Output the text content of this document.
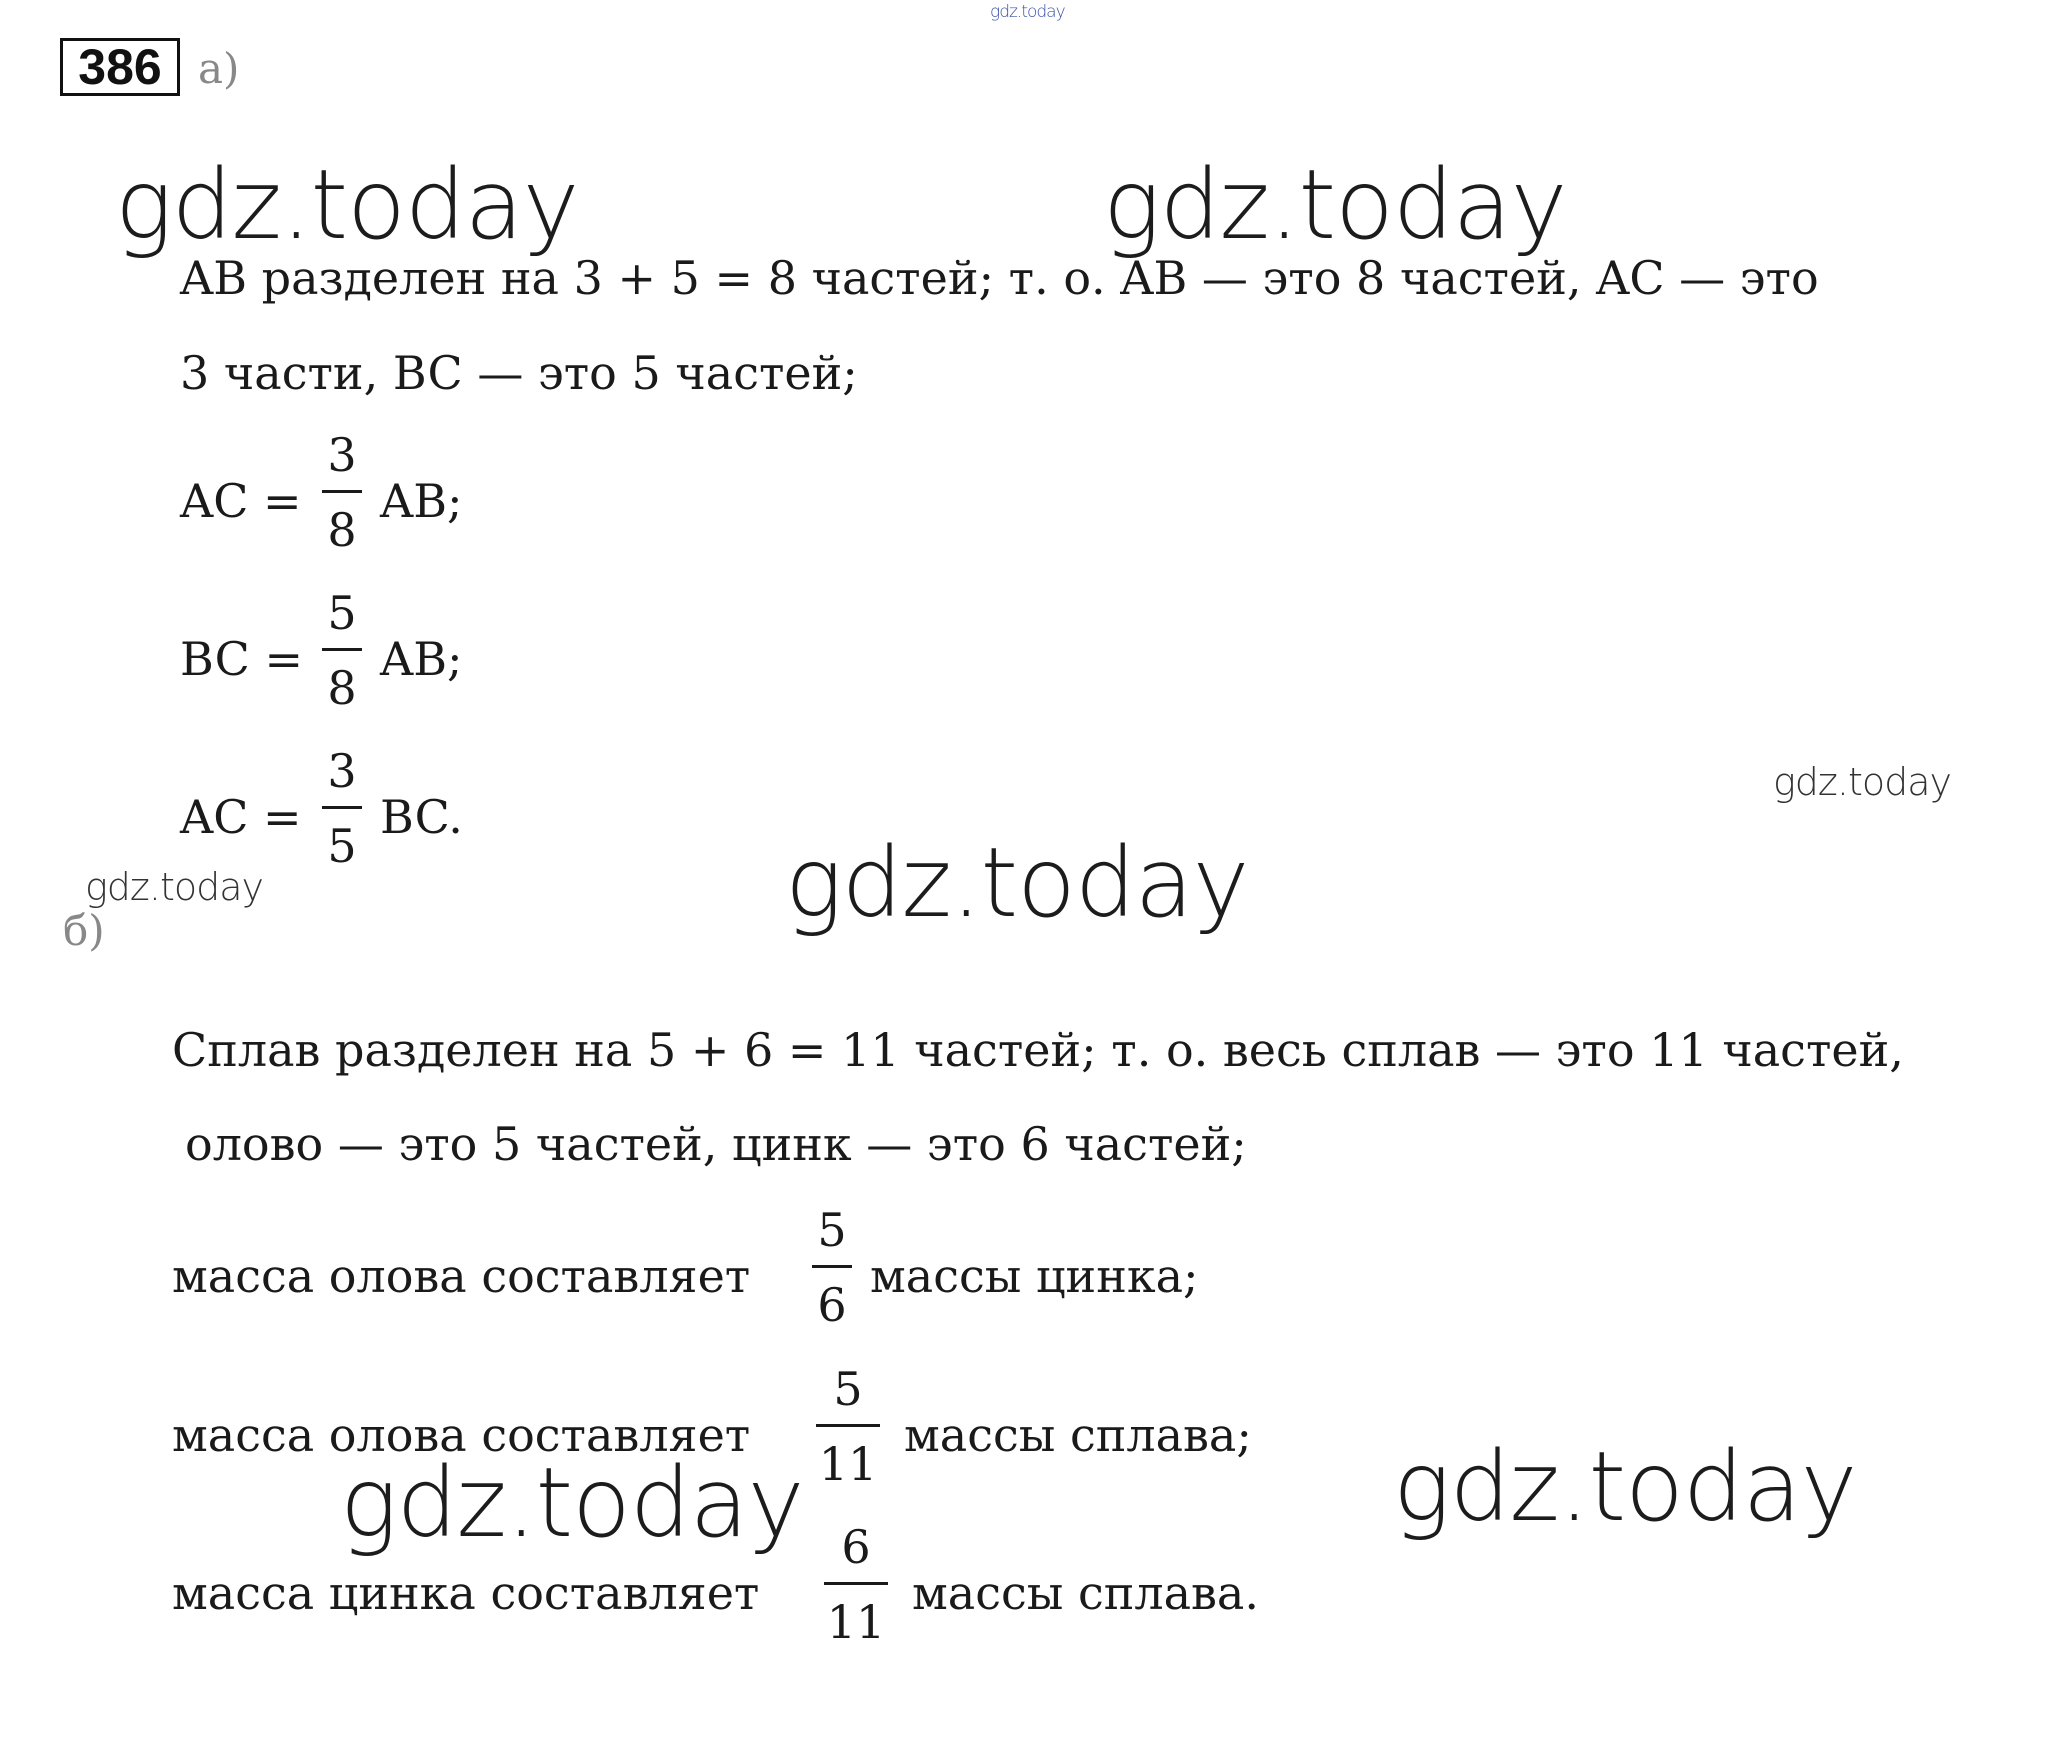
gdz.today
386 а)
gdz.today	gdz.today
AB разделен на 3 + 5 = 8 частей; т. о. AB — это 8 частей, AC — это
3 части, BC — это 5 частей;
AC =
3
8
AB;
BC =
5
8
AB;
AC =
3
5
BC.
gdz.today
gdz.today
gdz.today
б)
Сплав разделен на 5 + 6 = 11 частей; т. о. весь сплав — это 11 частей,
олово — это 5 частей, цинк — это 6 частей;
масса олова составляет
5
6
массы цинка;
масса олова составляет
5
11
массы сплава;
масса цинка составляет
6
11
массы сплава.
gdz.today	gdz.today
